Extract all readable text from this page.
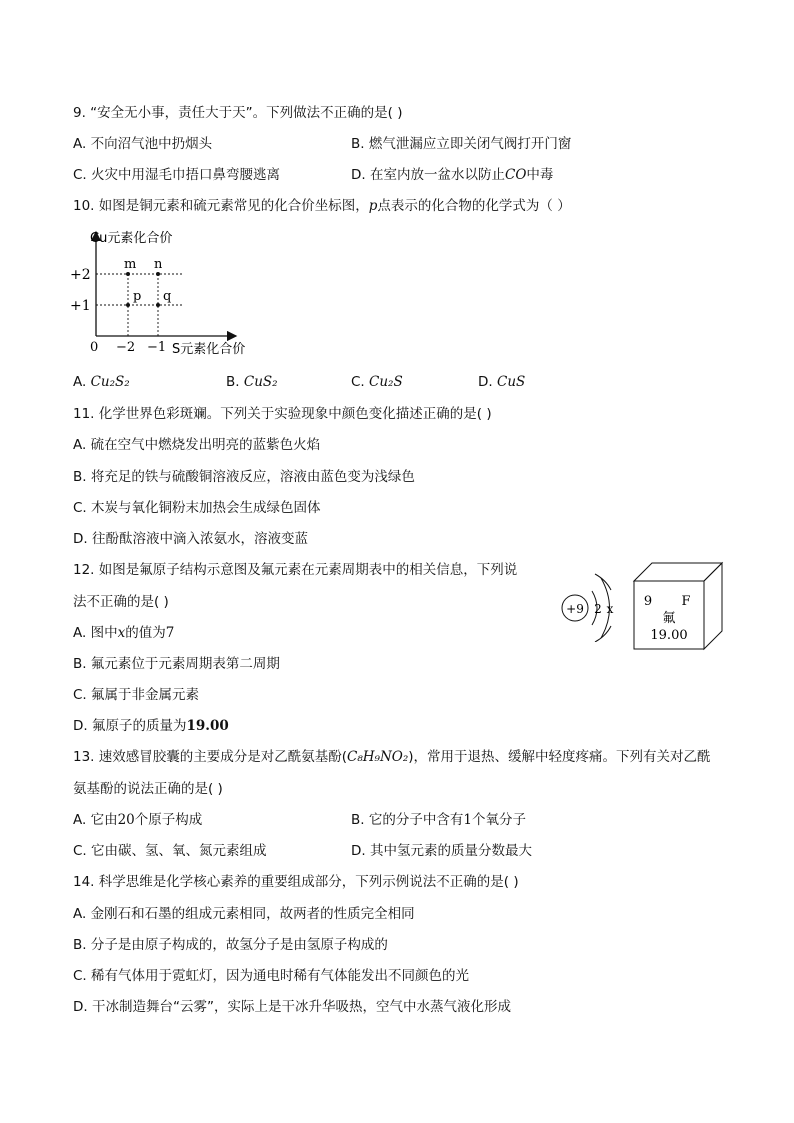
9. “安全无小事，责任大于天”。下列做法不正确的是( )
A. 不向沼气池中扔烟头	B. 燃气泄漏应立即关闭气阀打开门窗
C. 火灾中用湿毛巾捂口鼻弯腰逃离	D. 在室内放一盆水以防止CO中毒
10. 如图是铜元素和硫元素常见的化合价坐标图，p点表示的化合物的化学式为（ ）
Cu元素化合价
S元素化合价
0
+2
+1
−2 −1
m n
p q
A. Cu₂S₂	B. CuS₂	C. Cu₂S	D. CuS
11. 化学世界色彩斑斓。下列关于实验现象中颜色变化描述正确的是( )
A. 硫在空气中燃烧发出明亮的蓝紫色火焰
B. 将充足的铁与硫酸铜溶液反应，溶液由蓝色变为浅绿色
C. 木炭与氧化铜粉末加热会生成绿色固体
D. 往酚酞溶液中滴入浓氨水，溶液变蓝
12. 如图是氟原子结构示意图及氟元素在元素周期表中的相关信息，下列说
法不正确的是( )
A. 图中x的值为7
B. 氟元素位于元素周期表第二周期
C. 氟属于非金属元素
D. 氟原子的质量为19.00
+9 2 x 9 F
氟
19.00
13. 速效感冒胶囊的主要成分是对乙酰氨基酚(C₈H₉NO₂)，常用于退热、缓解中轻度疼痛。下列有关对乙酰
氨基酚的说法正确的是( )
A. 它由20个原子构成	B. 它的分子中含有1个氧分子
C. 它由碳、氢、氧、氮元素组成	D. 其中氢元素的质量分数最大
14. 科学思维是化学核心素养的重要组成部分，下列示例说法不正确的是( )
A. 金刚石和石墨的组成元素相同，故两者的性质完全相同
B. 分子是由原子构成的，故氢分子是由氢原子构成的
C. 稀有气体用于霓虹灯，因为通电时稀有气体能发出不同颜色的光
D. 干冰制造舞台“云雾”，实际上是干冰升华吸热，空气中水蒸气液化形成
